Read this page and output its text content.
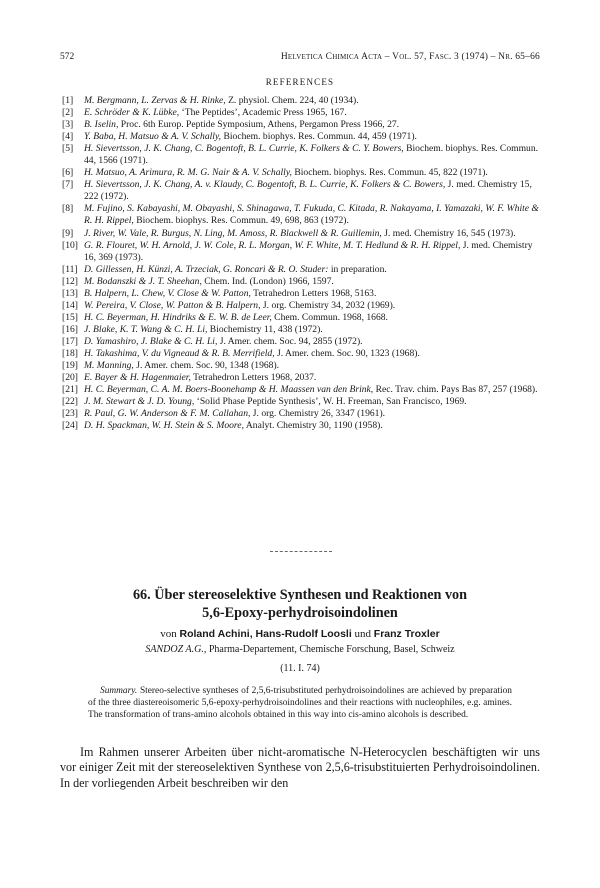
572	Helvetica Chimica Acta – Vol. 57, Fasc. 3 (1974) – Nr. 65–66
REFERENCES
[1]	M. Bergmann, L. Zervas & H. Rinke, Z. physiol. Chem. 224, 40 (1934).
[2]	E. Schröder & K. Lübke, ‘The Peptides’, Academic Press 1965, 167.
[3]	B. Iselin, Proc. 6th Europ. Peptide Symposium, Athens, Pergamon Press 1966, 27.
[4]	Y. Baba, H. Matsuo & A. V. Schally, Biochem. biophys. Res. Commun. 44, 459 (1971).
[5]	H. Sievertsson, J. K. Chang, C. Bogentoft, B. L. Currie, K. Folkers & C. Y. Bowers, Biochem. biophys. Res. Commun. 44, 1566 (1971).
[6]	H. Matsuo, A. Arimura, R. M. G. Nair & A. V. Schally, Biochem. biophys. Res. Commun. 45, 822 (1971).
[7]	H. Sievertsson, J. K. Chang, A. v. Klaudy, C. Bogentoft, B. L. Currie, K. Folkers & C. Bowers, J. med. Chemistry 15, 222 (1972).
[8]	M. Fujino, S. Kabayashi, M. Obayashi, S. Shinagawa, T. Fukuda, C. Kitada, R. Nakayama, I. Yamazaki, W. F. White & R. H. Rippel, Biochem. biophys. Res. Commun. 49, 698, 863 (1972).
[9]	J. River, W. Vale, R. Burgus, N. Ling, M. Amoss, R. Blackwell & R. Guillemin, J. med. Chemistry 16, 545 (1973).
[10] G. R. Flouret, W. H. Arnold, J. W. Cole, R. L. Morgan, W. F. White, M. T. Hedlund & R. H. Rippel, J. med. Chemistry 16, 369 (1973).
[11] D. Gillessen, H. Künzi, A. Trzeciak, G. Roncari & R. O. Studer: in preparation.
[12] M. Bodanszki & J. T. Sheehan, Chem. Ind. (London) 1966, 1597.
[13] B. Halpern, L. Chew, V. Close & W. Patton, Tetrahedron Letters 1968, 5163.
[14] W. Pereira, V. Close, W. Patton & B. Halpern, J. org. Chemistry 34, 2032 (1969).
[15] H. C. Beyerman, H. Hindriks & E. W. B. de Leer, Chem. Commun. 1968, 1668.
[16] J. Blake, K. T. Wang & C. H. Li, Biochemistry 11, 438 (1972).
[17] D. Yamashiro, J. Blake & C. H. Li, J. Amer. chem. Soc. 94, 2855 (1972).
[18] H. Takashima, V. du Vigneaud & R. B. Merrifield, J. Amer. chem. Soc. 90, 1323 (1968).
[19] M. Manning, J. Amer. chem. Soc. 90, 1348 (1968).
[20] E. Bayer & H. Hagenmaier, Tetrahedron Letters 1968, 2037.
[21] H. C. Beyerman, C. A. M. Boers-Boonehamp & H. Maassen van den Brink, Rec. Trav. chim. Pays Bas 87, 257 (1968).
[22] J. M. Stewart & J. D. Young, ‘Solid Phase Peptide Synthesis’, W. H. Freeman, San Francisco, 1969.
[23] R. Paul, G. W. Anderson & F. M. Callahan, J. org. Chemistry 26, 3347 (1961).
[24] D. H. Spackman, W. H. Stein & S. Moore, Analyt. Chemistry 30, 1190 (1958).
66. Über stereoselektive Synthesen und Reaktionen von
5,6-Epoxy-perhydroisoindolinen
von Roland Achini, Hans-Rudolf Loosli und Franz Troxler
SANDOZ A.G., Pharma-Departement, Chemische Forschung, Basel, Schweiz
(11. I. 74)
Summary. Stereo-selective syntheses of 2,5,6-trisubstituted perhydroisoindolines are achieved by preparation of the three diastereoisomeric 5,6-epoxy-perhydroisoindolines and their reactions with nucleophiles, e.g. amines. The transformation of trans-amino alcohols obtained in this way into cis-amino alcohols is described.
Im Rahmen unserer Arbeiten über nicht-aromatische N-Heterocyclen beschäftigten wir uns vor einiger Zeit mit der stereoselektiven Synthese von 2,5,6-trisubstituierten Perhydroisoindolinen. In der vorliegenden Arbeit beschreiben wir den
